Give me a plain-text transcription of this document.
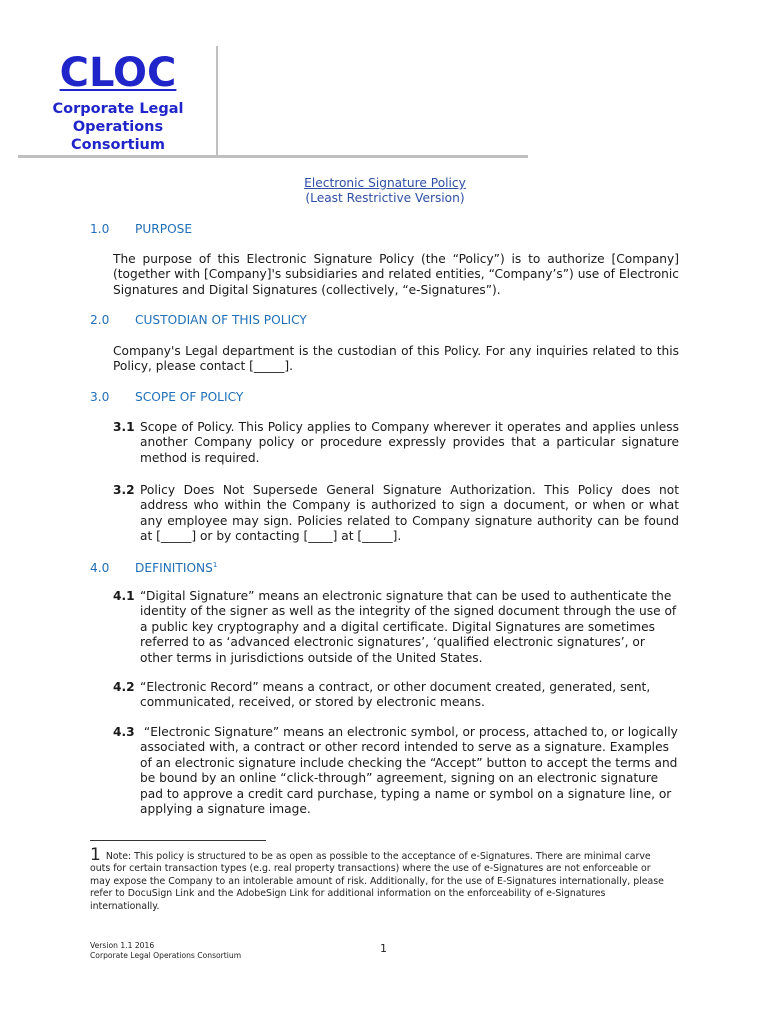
CLOC
Corporate Legal
Operations
Consortium
Electronic Signature Policy
(Least Restrictive Version)
1.0 PURPOSE
The purpose of this Electronic Signature Policy (the “Policy”) is to authorize [Company] (together with [Company]'s subsidiaries and related entities, “Company’s”) use of Electronic Signatures and Digital Signatures (collectively, “e-Signatures”).
2.0 CUSTODIAN OF THIS POLICY
Company's Legal department is the custodian of this Policy. For any inquiries related to this Policy, please contact [_____].
3.0 SCOPE OF POLICY
3.1 Scope of Policy. This Policy applies to Company wherever it operates and applies unless another Company policy or procedure expressly provides that a particular signature method is required.
3.2 Policy Does Not Supersede General Signature Authorization. This Policy does not address who within the Company is authorized to sign a document, or when or what any employee may sign. Policies related to Company signature authority can be found at [_____] or by contacting [____] at [_____].
4.0 DEFINITIONS$^1$
4.1 “Digital Signature” means an electronic signature that can be used to authenticate the identity of the signer as well as the integrity of the signed document through the use of a public key cryptography and a digital certificate. Digital Signatures are sometimes referred to as ‘advanced electronic signatures’, ‘qualified electronic signatures’, or other terms in jurisdictions outside of the United States.
4.2 “Electronic Record” means a contract, or other document created, generated, sent, communicated, received, or stored by electronic means.
4.3 “Electronic Signature” means an electronic symbol, or process, attached to, or logically associated with, a contract or other record intended to serve as a signature. Examples of an electronic signature include checking the “Accept” button to accept the terms and be bound by an online “click-through” agreement, signing on an electronic signature pad to approve a credit card purchase, typing a name or symbol on a signature line, or applying a signature image.
1 Note: This policy is structured to be as open as possible to the acceptance of e-Signatures. There are minimal carve outs for certain transaction types (e.g. real property transactions) where the use of e-Signatures are not enforceable or may expose the Company to an intolerable amount of risk. Additionally, for the use of E-Signatures internationally, please refer to DocuSign Link and the AdobeSign Link for additional information on the enforceability of e-Signatures internationally.
Version 1.1 2016
Corporate Legal Operations Consortium
1
